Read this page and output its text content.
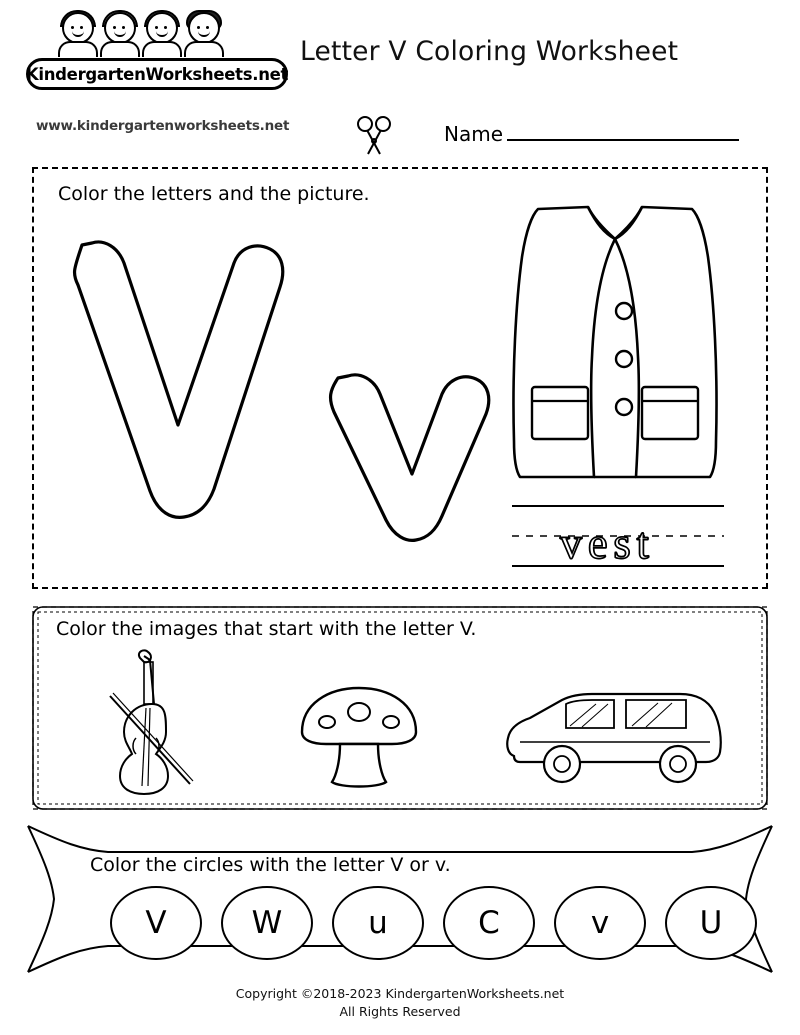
KindergartenWorksheets.net
www.kindergartenworksheets.net
Letter V Coloring Worksheet
Name
Color the letters and the picture.
vest
Color the images that start with the letter V.
Color the circles with the letter V or v.
V	W	u	C	v	U
Copyright ©2018-2023 KindergartenWorksheets.net
All Rights Reserved
